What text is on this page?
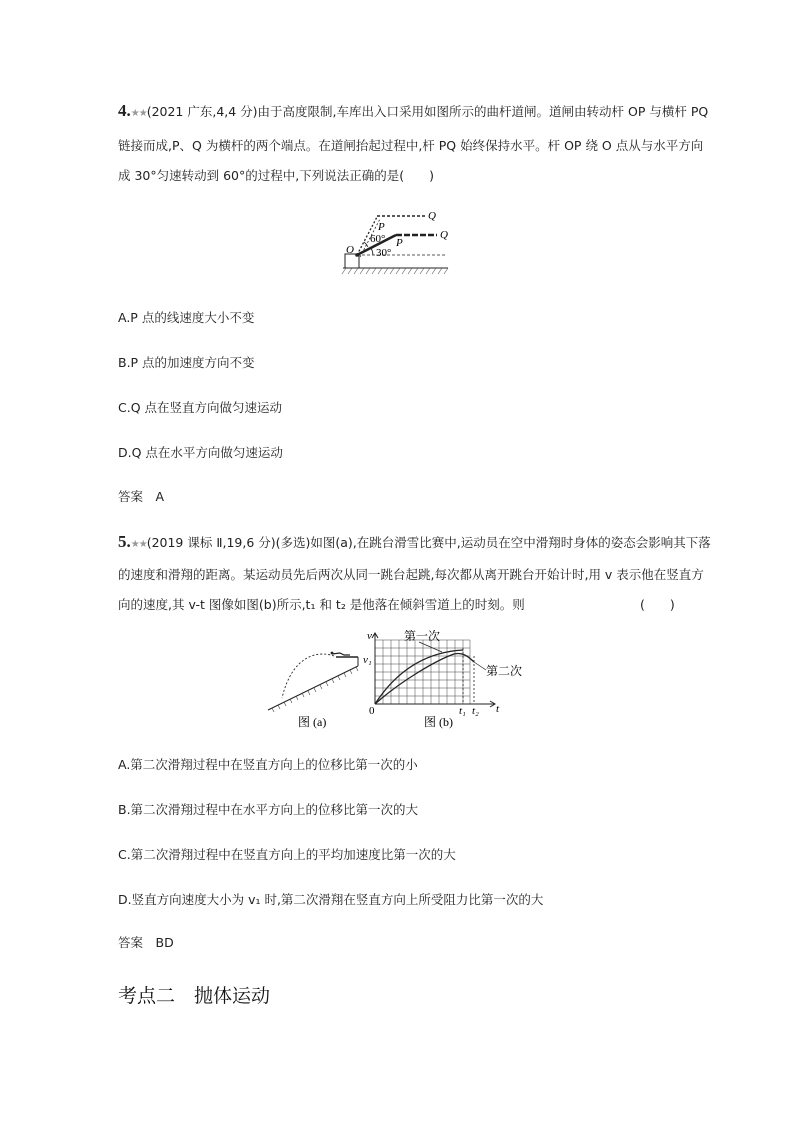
4.★★(2021 广东,4,4 分)由于高度限制,车库出入口采用如图所示的曲杆道闸。道闸由转动杆 OP 与横杆 PQ
链接而成,P、Q 为横杆的两个端点。在道闸抬起过程中,杆 PQ 始终保持水平。杆 OP 绕 O 点从与水平方向
成 30°匀速转动到 60°的过程中,下列说法正确的是(　　)
O
P
P
Q
Q
60°
30°
A.P 点的线速度大小不变
B.P 点的加速度方向不变
C.Q 点在竖直方向做匀速运动
D.Q 点在水平方向做匀速运动
答案　A
5.★★(2019 课标 Ⅱ,19,6 分)(多选)如图(a),在跳台滑雪比赛中,运动员在空中滑翔时身体的姿态会影响其下落
的速度和滑翔的距离。某运动员先后两次从同一跳台起跳,每次都从离开跳台开始计时,用 v 表示他在竖直方
向的速度,其 v-t 图像如图(b)所示,t₁ 和 t₂ 是他落在倾斜雪道上的时刻。则	(　　)
图 (a)
v
v₁
t
0	t₁ t₂
第一次
第二次
图 (b)
A.第二次滑翔过程中在竖直方向上的位移比第一次的小
B.第二次滑翔过程中在水平方向上的位移比第一次的大
C.第二次滑翔过程中在竖直方向上的平均加速度比第一次的大
D.竖直方向速度大小为 v₁ 时,第二次滑翔在竖直方向上所受阻力比第一次的大
答案　BD
考点二　抛体运动
